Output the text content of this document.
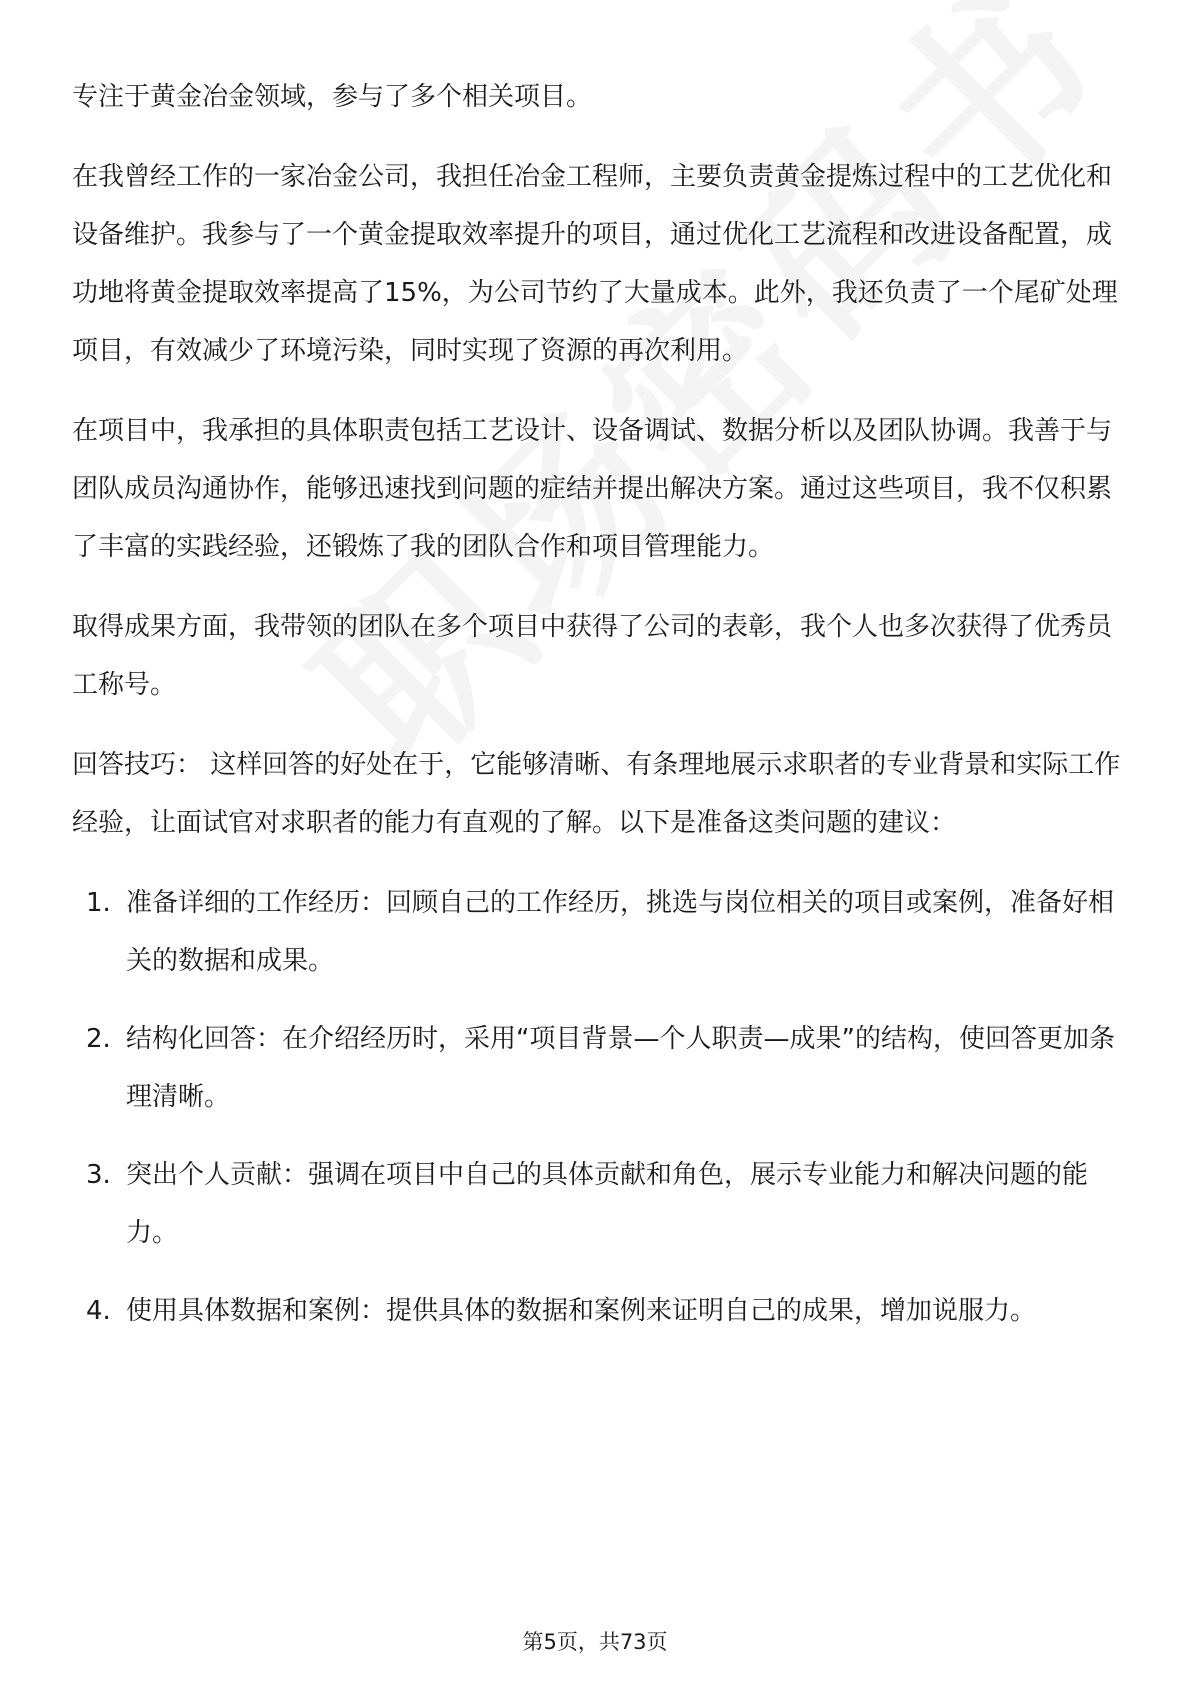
专注于黄金冶金领域，参与了多个相关项目。

在我曾经工作的一家冶金公司，我担任冶金工程师，主要负责黄金提炼过程中的工艺优化和设备维护。我参与了一个黄金提取效率提升的项目，通过优化工艺流程和改进设备配置，成功地将黄金提取效率提高了15%，为公司节约了大量成本。此外，我还负责了一个尾矿处理项目，有效减少了环境污染，同时实现了资源的再次利用。

在项目中，我承担的具体职责包括工艺设计、设备调试、数据分析以及团队协调。我善于与团队成员沟通协作，能够迅速找到问题的症结并提出解决方案。通过这些项目，我不仅积累了丰富的实践经验，还锻炼了我的团队合作和项目管理能力。

取得成果方面，我带领的团队在多个项目中获得了公司的表彰，我个人也多次获得了优秀员工称号。

回答技巧： 这样回答的好处在于，它能够清晰、有条理地展示求职者的专业背景和实际工作经验，让面试官对求职者的能力有直观的了解。以下是准备这类问题的建议：

1. 准备详细的工作经历：回顾自己的工作经历，挑选与岗位相关的项目或案例，准备好相关的数据和成果。
2. 结构化回答：在介绍经历时，采用“项目背景—个人职责—成果”的结构，使回答更加条理清晰。
3. 突出个人贡献：强调在项目中自己的具体贡献和角色，展示专业能力和解决问题的能力。
4. 使用具体数据和案例：提供具体的数据和案例来证明自己的成果，增加说服力。
第5页，共73页
